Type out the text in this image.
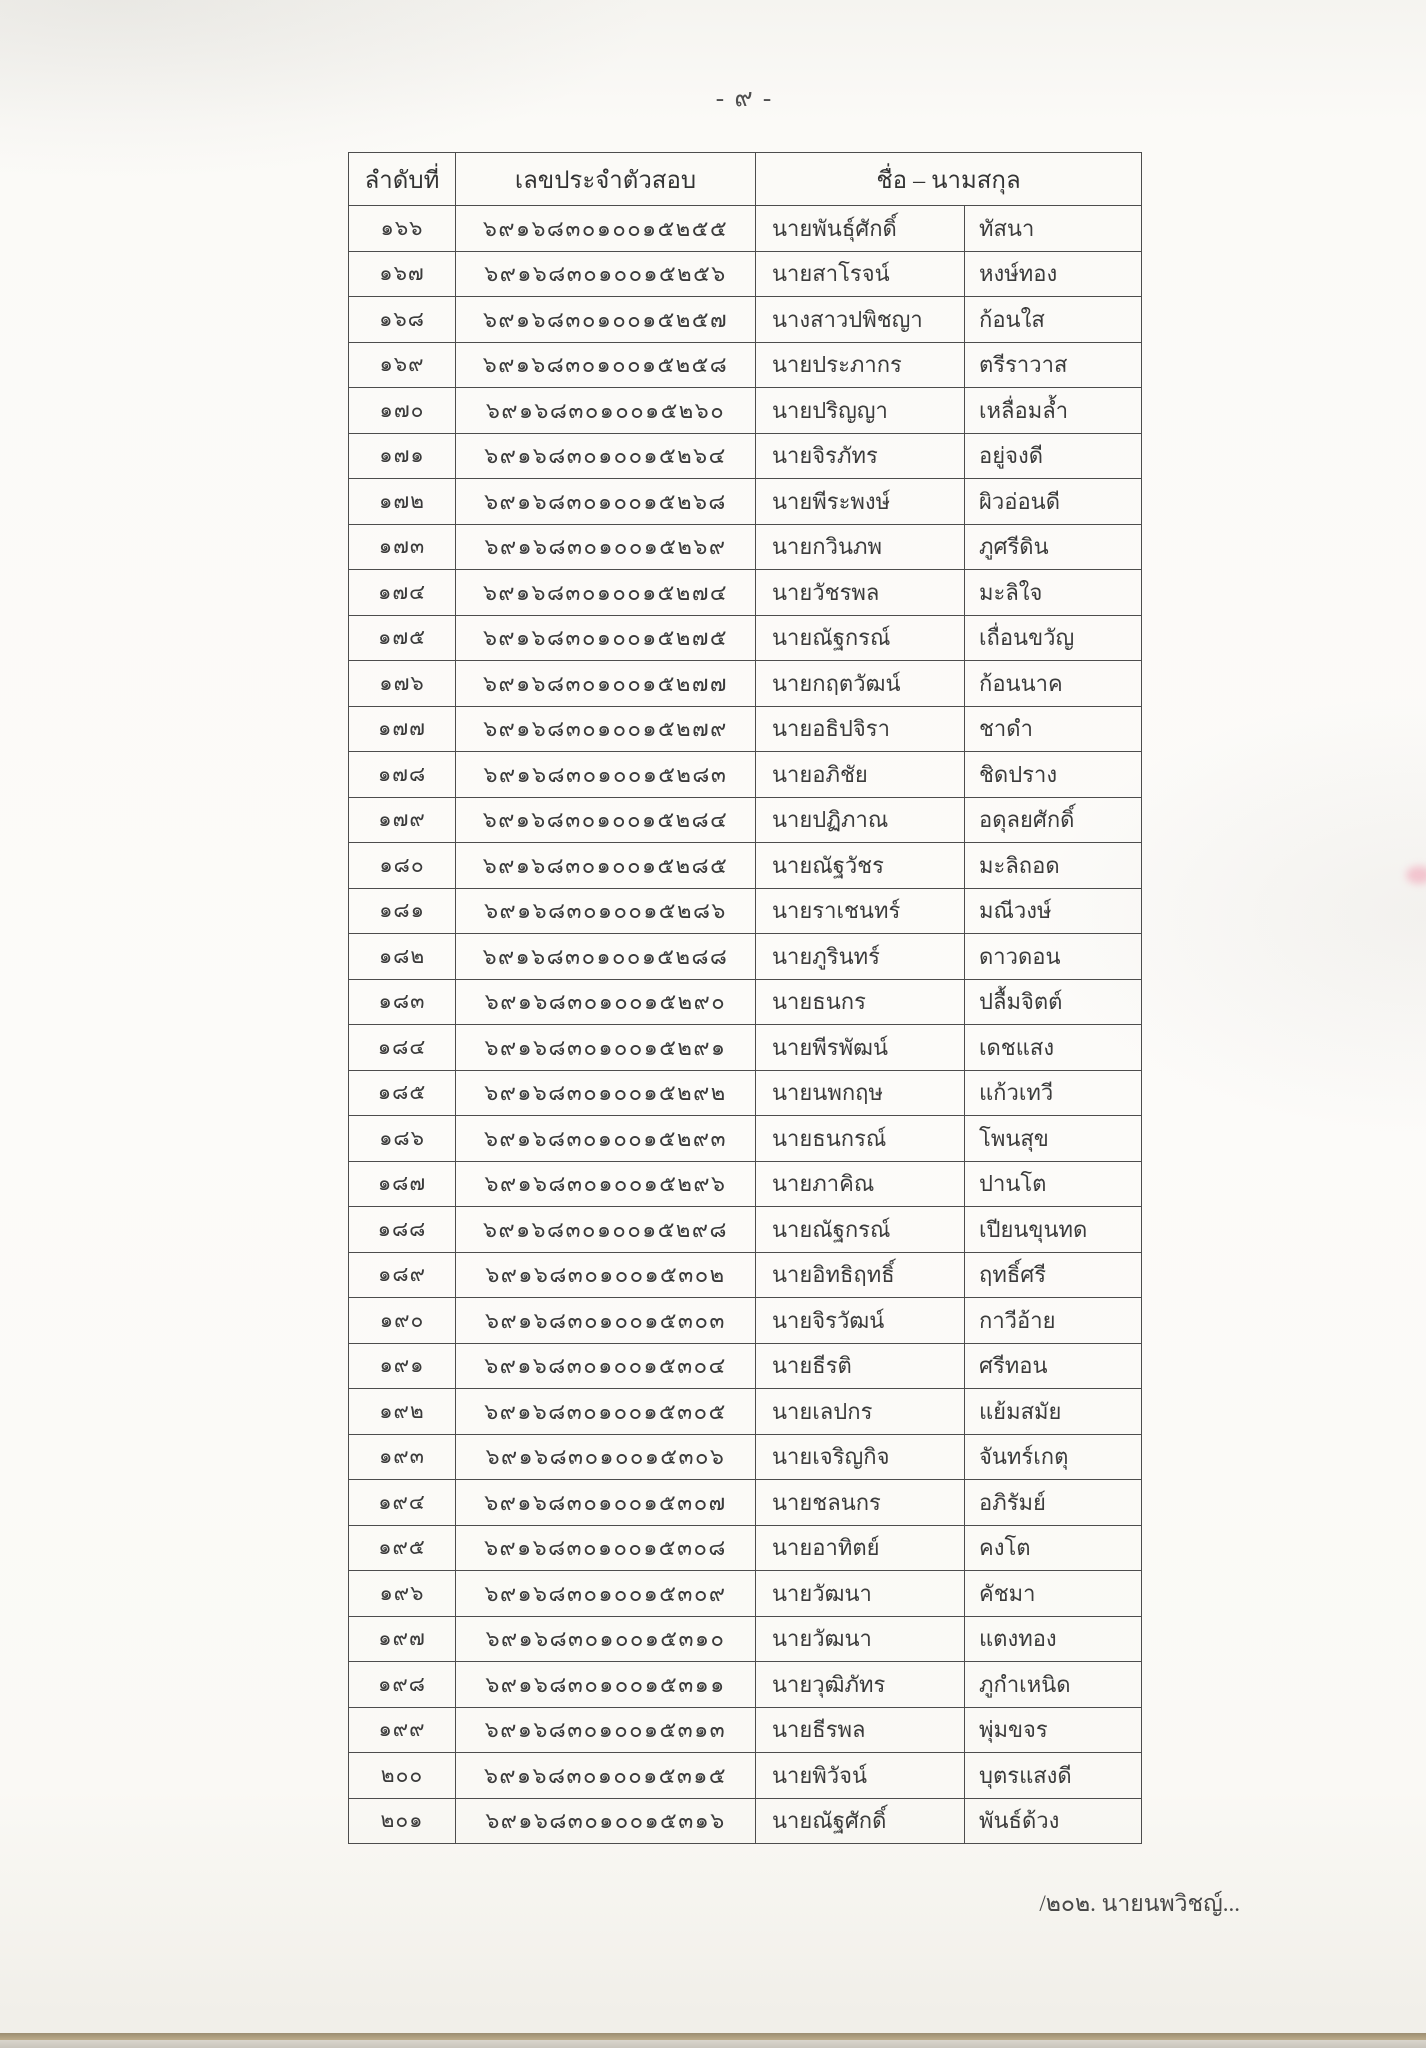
- ๙ -
ลำดับที่	เลขประจำตัวสอบ	ชื่อ – นามสกุล	
๑๖๖	๖๙๑๖๘๓๐๑๐๐๑๕๒๕๕	นายพันธุ์ศักดิ์	ทัสนา
๑๖๗	๖๙๑๖๘๓๐๑๐๐๑๕๒๕๖	นายสาโรจน์	หงษ์ทอง
๑๖๘	๖๙๑๖๘๓๐๑๐๐๑๕๒๕๗	นางสาวปพิชญา	ก้อนใส
๑๖๙	๖๙๑๖๘๓๐๑๐๐๑๕๒๕๘	นายประภากร	ตรีราวาส
๑๗๐	๖๙๑๖๘๓๐๑๐๐๑๕๒๖๐	นายปริญญา	เหลื่อมล้ำ
๑๗๑	๖๙๑๖๘๓๐๑๐๐๑๕๒๖๔	นายจิรภัทร	อยู่จงดี
๑๗๒	๖๙๑๖๘๓๐๑๐๐๑๕๒๖๘	นายพีระพงษ์	ผิวอ่อนดี
๑๗๓	๖๙๑๖๘๓๐๑๐๐๑๕๒๖๙	นายกวินภพ	ภูศรีดิน
๑๗๔	๖๙๑๖๘๓๐๑๐๐๑๕๒๗๔	นายวัชรพล	มะลิใจ
๑๗๕	๖๙๑๖๘๓๐๑๐๐๑๕๒๗๕	นายณัฐกรณ์	เถื่อนขวัญ
๑๗๖	๖๙๑๖๘๓๐๑๐๐๑๕๒๗๗	นายกฤตวัฒน์	ก้อนนาค
๑๗๗	๖๙๑๖๘๓๐๑๐๐๑๕๒๗๙	นายอธิปจิรา	ชาดำ
๑๗๘	๖๙๑๖๘๓๐๑๐๐๑๕๒๘๓	นายอภิชัย	ชิดปราง
๑๗๙	๖๙๑๖๘๓๐๑๐๐๑๕๒๘๔	นายปฏิภาณ	อดุลยศักดิ์
๑๘๐	๖๙๑๖๘๓๐๑๐๐๑๕๒๘๕	นายณัฐวัชร	มะลิถอด
๑๘๑	๖๙๑๖๘๓๐๑๐๐๑๕๒๘๖	นายราเชนทร์	มณีวงษ์
๑๘๒	๖๙๑๖๘๓๐๑๐๐๑๕๒๘๘	นายภูรินทร์	ดาวดอน
๑๘๓	๖๙๑๖๘๓๐๑๐๐๑๕๒๙๐	นายธนกร	ปลื้มจิตต์
๑๘๔	๖๙๑๖๘๓๐๑๐๐๑๕๒๙๑	นายพีรพัฒน์	เดชแสง
๑๘๕	๖๙๑๖๘๓๐๑๐๐๑๕๒๙๒	นายนพกฤษ	แก้วเทวี
๑๘๖	๖๙๑๖๘๓๐๑๐๐๑๕๒๙๓	นายธนกรณ์	โพนสุข
๑๘๗	๖๙๑๖๘๓๐๑๐๐๑๕๒๙๖	นายภาคิณ	ปานโต
๑๘๘	๖๙๑๖๘๓๐๑๐๐๑๕๒๙๘	นายณัฐกรณ์	เปียนขุนทด
๑๘๙	๖๙๑๖๘๓๐๑๐๐๑๕๓๐๒	นายอิทธิฤทธิ์	ฤทธิ์ศรี
๑๙๐	๖๙๑๖๘๓๐๑๐๐๑๕๓๐๓	นายจิรวัฒน์	กาวีอ้าย
๑๙๑	๖๙๑๖๘๓๐๑๐๐๑๕๓๐๔	นายธีรติ	ศรีทอน
๑๙๒	๖๙๑๖๘๓๐๑๐๐๑๕๓๐๕	นายเลปกร	แย้มสมัย
๑๙๓	๖๙๑๖๘๓๐๑๐๐๑๕๓๐๖	นายเจริญกิจ	จันทร์เกตุ
๑๙๔	๖๙๑๖๘๓๐๑๐๐๑๕๓๐๗	นายชลนกร	อภิรัมย์
๑๙๕	๖๙๑๖๘๓๐๑๐๐๑๕๓๐๘	นายอาทิตย์	คงโต
๑๙๖	๖๙๑๖๘๓๐๑๐๐๑๕๓๐๙	นายวัฒนา	คัชมา
๑๙๗	๖๙๑๖๘๓๐๑๐๐๑๕๓๑๐	นายวัฒนา	แตงทอง
๑๙๘	๖๙๑๖๘๓๐๑๐๐๑๕๓๑๑	นายวุฒิภัทร	ภูกำเหนิด
๑๙๙	๖๙๑๖๘๓๐๑๐๐๑๕๓๑๓	นายธีรพล	พุ่มขจร
๒๐๐	๖๙๑๖๘๓๐๑๐๐๑๕๓๑๕	นายพิวัจน์	บุตรแสงดี
๒๐๑	๖๙๑๖๘๓๐๑๐๐๑๕๓๑๖	นายณัฐศักดิ์	พันธ์ด้วง
/๒๐๒. นายนพวิชญ์...
